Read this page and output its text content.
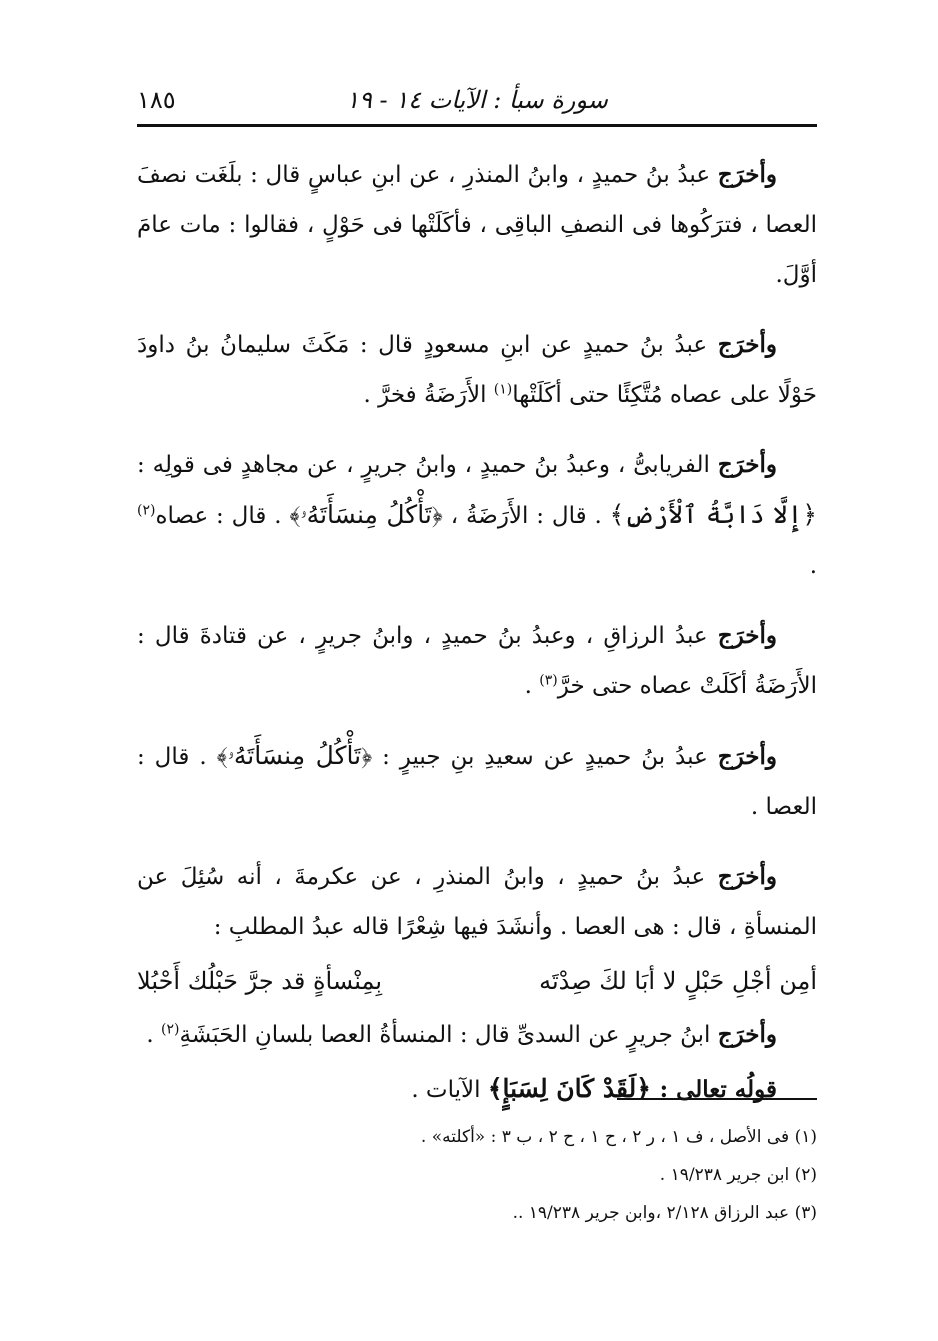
١٨٥	سورة سبأ : الآيات ١٤ - ١٩

وأخرَج عبدُ بنُ حميدٍ ، وابنُ المنذرِ ، عن ابنِ عباسٍ قال : بلَغَت نصفَ العصا ، فترَكُوها فى النصفِ الباقِى ، فأكَلَتْها فى حَوْلٍ ، فقالوا : مات عامَ أوَّلَ.

وأخرَج عبدُ بنُ حميدٍ عن ابنِ مسعودٍ قال : مَكَثَ سليمانُ بنُ داودَ حَوْلًا على عصاه مُتَّكِئًا حتى أكَلَتْها$^{(١)}$ الأَرَضَةُ فخرَّ .

وأخرَج الفريابىُّ ، وعبدُ بنُ حميدٍ ، وابنُ جريرٍ ، عن مجاهدٍ فى قولِه : ﴿إِلَّا دَابَّةُ ٱلْأَرْضِ﴾ . قال : الأَرَضَةُ ، ﴿تَأْكُلُ مِنسَأَتَهُۥ﴾ . قال : عصاه$^{(٢)}$ .

وأخرَج عبدُ الرزاقِ ، وعبدُ بنُ حميدٍ ، وابنُ جريرٍ ، عن قتادةَ قال : الأَرَضَةُ أكَلَتْ عصاه حتى خرَّ$^{(٣)}$ .

وأخرَج عبدُ بنُ حميدٍ عن سعيدِ بنِ جبيرٍ : ﴿تَأْكُلُ مِنسَأَتَهُۥ﴾ . قال : العصا .

وأخرَج عبدُ بنُ حميدٍ ، وابنُ المنذرِ ، عن عكرمةَ ، أنه سُئِلَ عن المنسأةِ ، قال : هى العصا . وأنشَدَ فيها شِعْرًا قاله عبدُ المطلبِ :

أمِن أجْلِ حَبْلٍ لا أبَا لكَ صِدْتَه
بِمِنْسأةٍ قد جرَّ حَبْلُك أَحْبُلا

وأخرَج ابنُ جريرٍ عن السدىِّ قال : المنسأةُ العصا بلسانِ الحَبَشَةِ$^{(٢)}$ .

قولُه تعالى : ﴿لَقَدْ كَانَ لِسَبَإٍ﴾ الآيات .

(١) فى الأصل ، ف ١ ، ر ٢ ، ح ١ ، ح ٢ ، ب ٣ : «أكلته» .

(٢) ابن جرير ١٩/٢٣٨ .

(٣) عبد الرزاق ٢/١٢٨ ،وابن جرير ١٩/٢٣٨ ..
